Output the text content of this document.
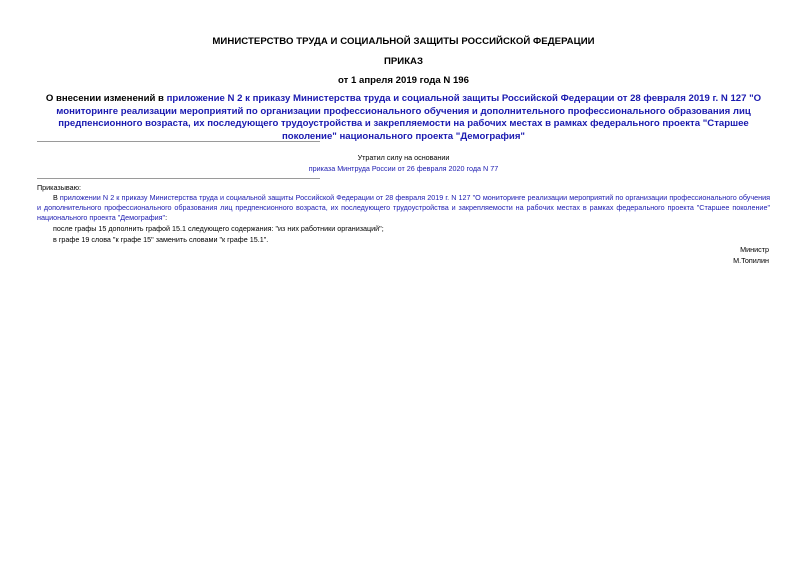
МИНИСТЕРСТВО ТРУДА И СОЦИАЛЬНОЙ ЗАЩИТЫ РОССИЙСКОЙ ФЕДЕРАЦИИ
ПРИКАЗ
от 1 апреля 2019 года N 196
О внесении изменений в приложение N 2 к приказу Министерства труда и социальной защиты Российской Федерации от 28 февраля 2019 г. N 127 "О мониторинге реализации мероприятий по организации профессионального обучения и дополнительного профессионального образования лиц предпенсионного возраста, их последующего трудоустройства и закрепляемости на рабочих местах в рамках федерального проекта "Старшее поколение" национального проекта "Демография"
Утратил силу на основании
приказа Минтруда России от 26 февраля 2020 года N 77
Приказываю:
В приложении N 2 к приказу Министерства труда и социальной защиты Российской Федерации от 28 февраля 2019 г. N 127 "О мониторинге реализации мероприятий по организации профессионального обучения и дополнительного профессионального образования лиц предпенсионного возраста, их последующего трудоустройства и закрепляемости на рабочих местах в рамках федерального проекта "Старшее поколение" национального проекта "Демография":
после графы 15 дополнить графой 15.1 следующего содержания: "из них работники организаций";
в графе 19 слова "к графе 15" заменить словами "к графе 15.1".
Министр
М.Топилин
